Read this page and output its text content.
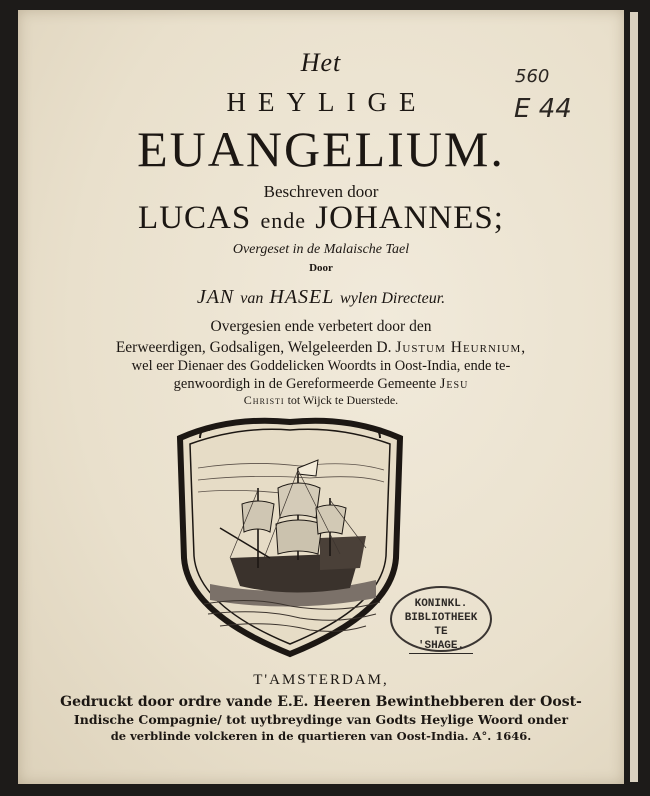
Het
HEYLIGE
EUANGELIUM.
Beschreven door
LUCAS ende JOHANNES;
Overgeset in de Malaische Tael
Door
JAN van HASEL wylen Directeur.
Overgesien ende verbetert door den
Eerweerdigen, Godsaligen, Welgeleerden D. Justum Heurnium,
wel eer Dienaer des Goddelicken Woordts in Oost-India, ende te-
genwoordigh in de Gereformeerde Gemeente Jesu
Christi tot Wijck te Duerstede.
T'AMSTERDAM,
Gedruckt door ordre vande E.E. Heeren Bewinthebberen der Oost-
Indische Compagnie/ tot uytbreydinge van Godts Heylige Woord onder
de verblinde volckeren in de quartieren van Oost-India. A°. 1646.
560
E 44
KONINKL.
BIBLIOTHEEK
TE 'SHAGE.
